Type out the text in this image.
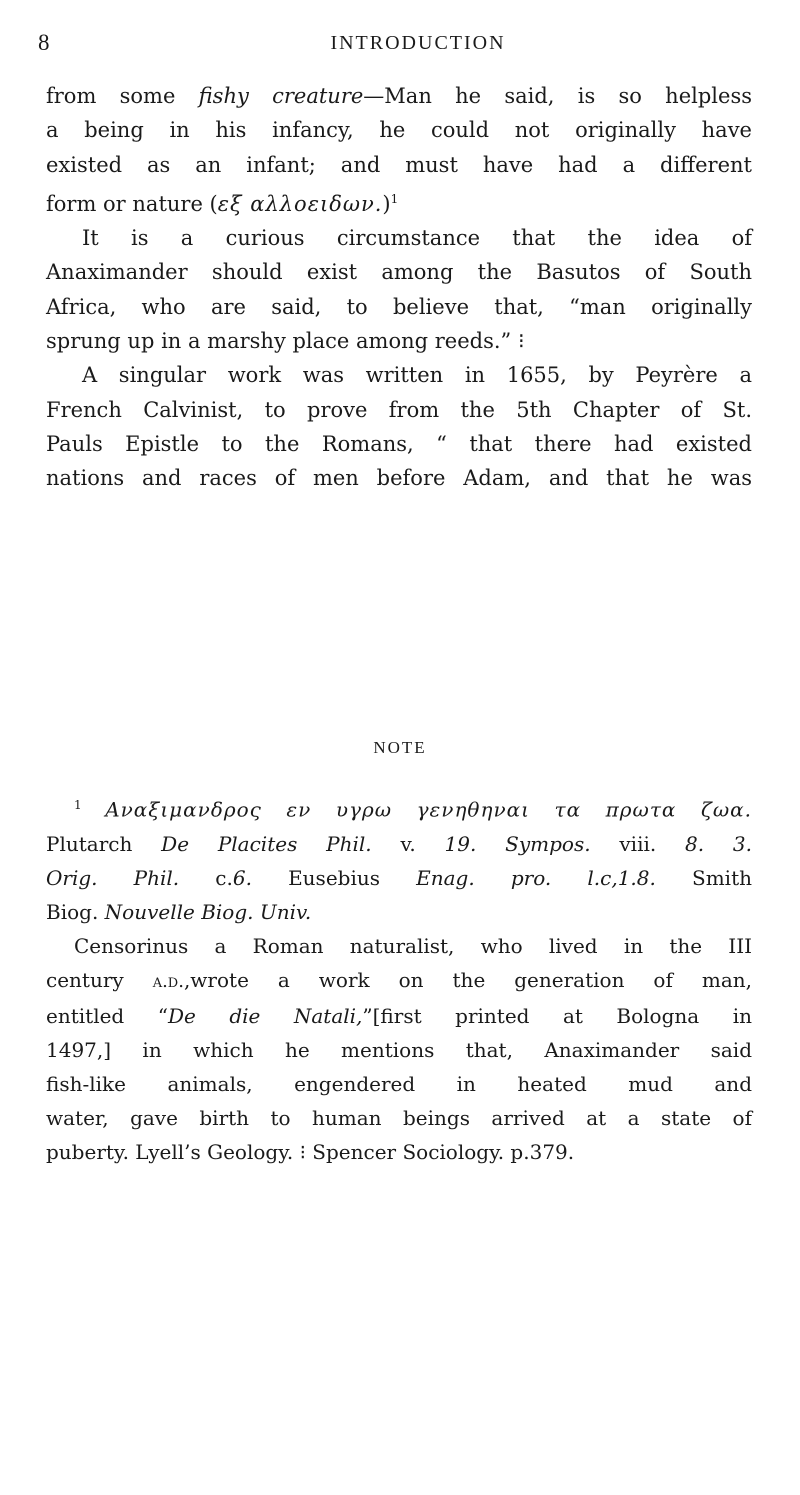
8	INTRODUCTION

from some fishy creature—Man he said, is so helpless

a being in his infancy, he could not originally have

existed as an infant; and must have had a different

form or nature (εξ αλλοειδων.)$^1$

It is a curious circumstance that the idea of

Anaximander should exist among the Basutos of South

Africa, who are said, to believe that, “man originally

sprung up in a marshy place among reeds.” ⁝

A singular work was written in 1655, by Peyrère a

French Calvinist, to prove from the 5th Chapter of St.

Pauls Epistle to the Romans, “ that there had existed

nations and races of men before Adam, and that he was

NOTE

$^1$ Αναξιμανδρος εν υγρω γενηθηναι τα πρωτα ζωα.

Plutarch De Placites Phil. v. 19. Sympos. viii. 8. 3.

Orig. Phil. c.6. Eusebius Enag. pro. l.c,1.8. Smith

Biog. Nouvelle Biog. Univ.

Censorinus a Roman naturalist, who lived in the III

century a.d.,wrote a work on the generation of man,

entitled “De die Natali,”[first printed at Bologna in

1497,] in which he mentions that, Anaximander said

fish-like animals, engendered in heated mud and

water, gave birth to human beings arrived at a state of

puberty. Lyell’s Geology. ⁝ Spencer Sociology. p.379.
